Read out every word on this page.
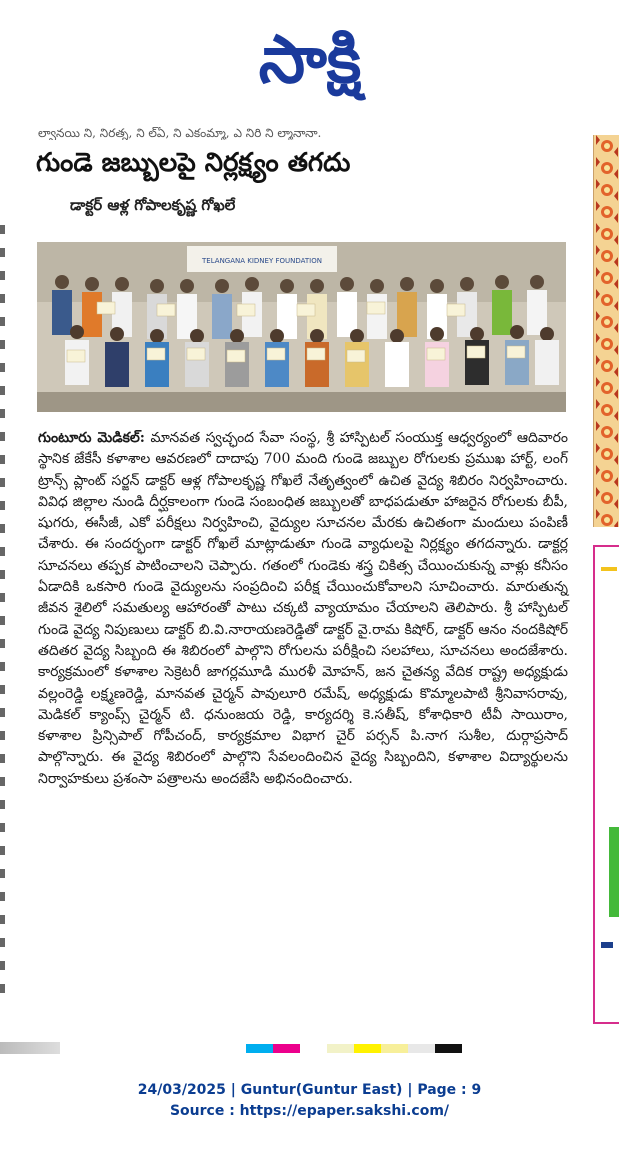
సాక్షి
ల్వానయి ని, నిరత్న, ని ల్ఏ, ని ఎకంమ్మా, ఎ నిరి ని ల్మానానా.
గుండె జబ్బులపై నిర్లక్ష్యం తగదు
డాక్టర్ ఆళ్ల గోపాలకృష్ణ గోఖలే
TELANGANA KIDNEY FOUNDATION

గుంటూరు మెడికల్: మానవత స్వచ్ఛంద సేవా సంస్థ, శ్రీ హాస్పిటల్ సంయుక్త ఆధ్వర్యంలో ఆదివారం స్థానిక జేకేసీ కళాశాల ఆవరణలో దాదాపు 700 మంది గుండె జబ్బుల రోగులకు ప్రముఖ హార్ట్, లంగ్ ట్రాన్స్ ప్లాంట్ సర్జన్ డాక్టర్ ఆళ్ల గోపాలకృష్ణ గోఖలే నేతృత్వంలో ఉచిత వైద్య శిబిరం నిర్వహించారు. వివిధ జిల్లాల నుండి దీర్ఘకాలంగా గుండె సంబంధిత జబ్బులతో బాధపడుతూ హాజరైన రోగులకు బీపీ, షుగరు, ఈసీజీ, ఎకో పరీక్షలు నిర్వహించి, వైద్యుల సూచనల మేరకు ఉచితంగా మందులు పంపిణీ చేశారు. ఈ సందర్భంగా డాక్టర్ గోఖలే మాట్లాడుతూ గుండె వ్యాధులపై నిర్లక్ష్యం తగదన్నారు. డాక్టర్ల సూచనలు తప్పక పాటించాలని చెప్పారు. గతంలో గుండెకు శస్త్ర చికిత్స చేయించుకున్న వాళ్లు కనీసం ఏడాదికి ఒకసారి గుండె వైద్యులను సంప్రదించి పరీక్ష చేయించుకోవాలని సూచించారు. మారుతున్న జీవన శైలిలో సమతుల్య ఆహారంతో పాటు చక్కటి వ్యాయామం చేయాలని తెలిపారు. శ్రీ హాస్పిటల్ గుండె వైద్య నిపుణులు డాక్టర్ బి.వి.నారాయణరెడ్డితో డాక్టర్ వై.రామ కిషోర్, డాక్టర్ ఆనం నందకిషోర్ తదితర వైద్య సిబ్బంది ఈ శిబిరంలో పాల్గొని రోగులను పరీక్షించి సలహాలు, సూచనలు అందజేశారు. కార్యక్రమంలో కళాశాల సెక్రెటరీ జాగర్లమూడి మురళీ మోహన్, జన చైతన్య వేదిక రాష్ట్ర అధ్యక్షుడు వల్లంరెడ్డి లక్ష్మణరెడ్డి, మానవత చైర్మన్ పావులూరి రమేష్, అధ్యక్షుడు కొమ్మాలపాటి శ్రీనివాసరావు, మెడికల్ క్యాంప్స్ చైర్మన్ టి. ధనుంజయ రెడ్డి, కార్యదర్శి కె.సతీష్, కోశాధికారి టీవీ సాయిరాం, కళాశాల ప్రిన్సిపాల్ గోపీచంద్, కార్యక్రమాల విభాగ చైర్ పర్సన్ పి.నాగ సుశీల, దుర్గాప్రసాద్ పాల్గొన్నారు. ఈ వైద్య శిబిరంలో పాల్గొని సేవలందించిన వైద్య సిబ్బందిని, కళాశాల విద్యార్థులను నిర్వాహకులు ప్రశంసా పత్రాలను అందజేసి అభినందించారు.

24/03/2025 | Guntur(Guntur East) | Page : 9
Source : https://epaper.sakshi.com/
